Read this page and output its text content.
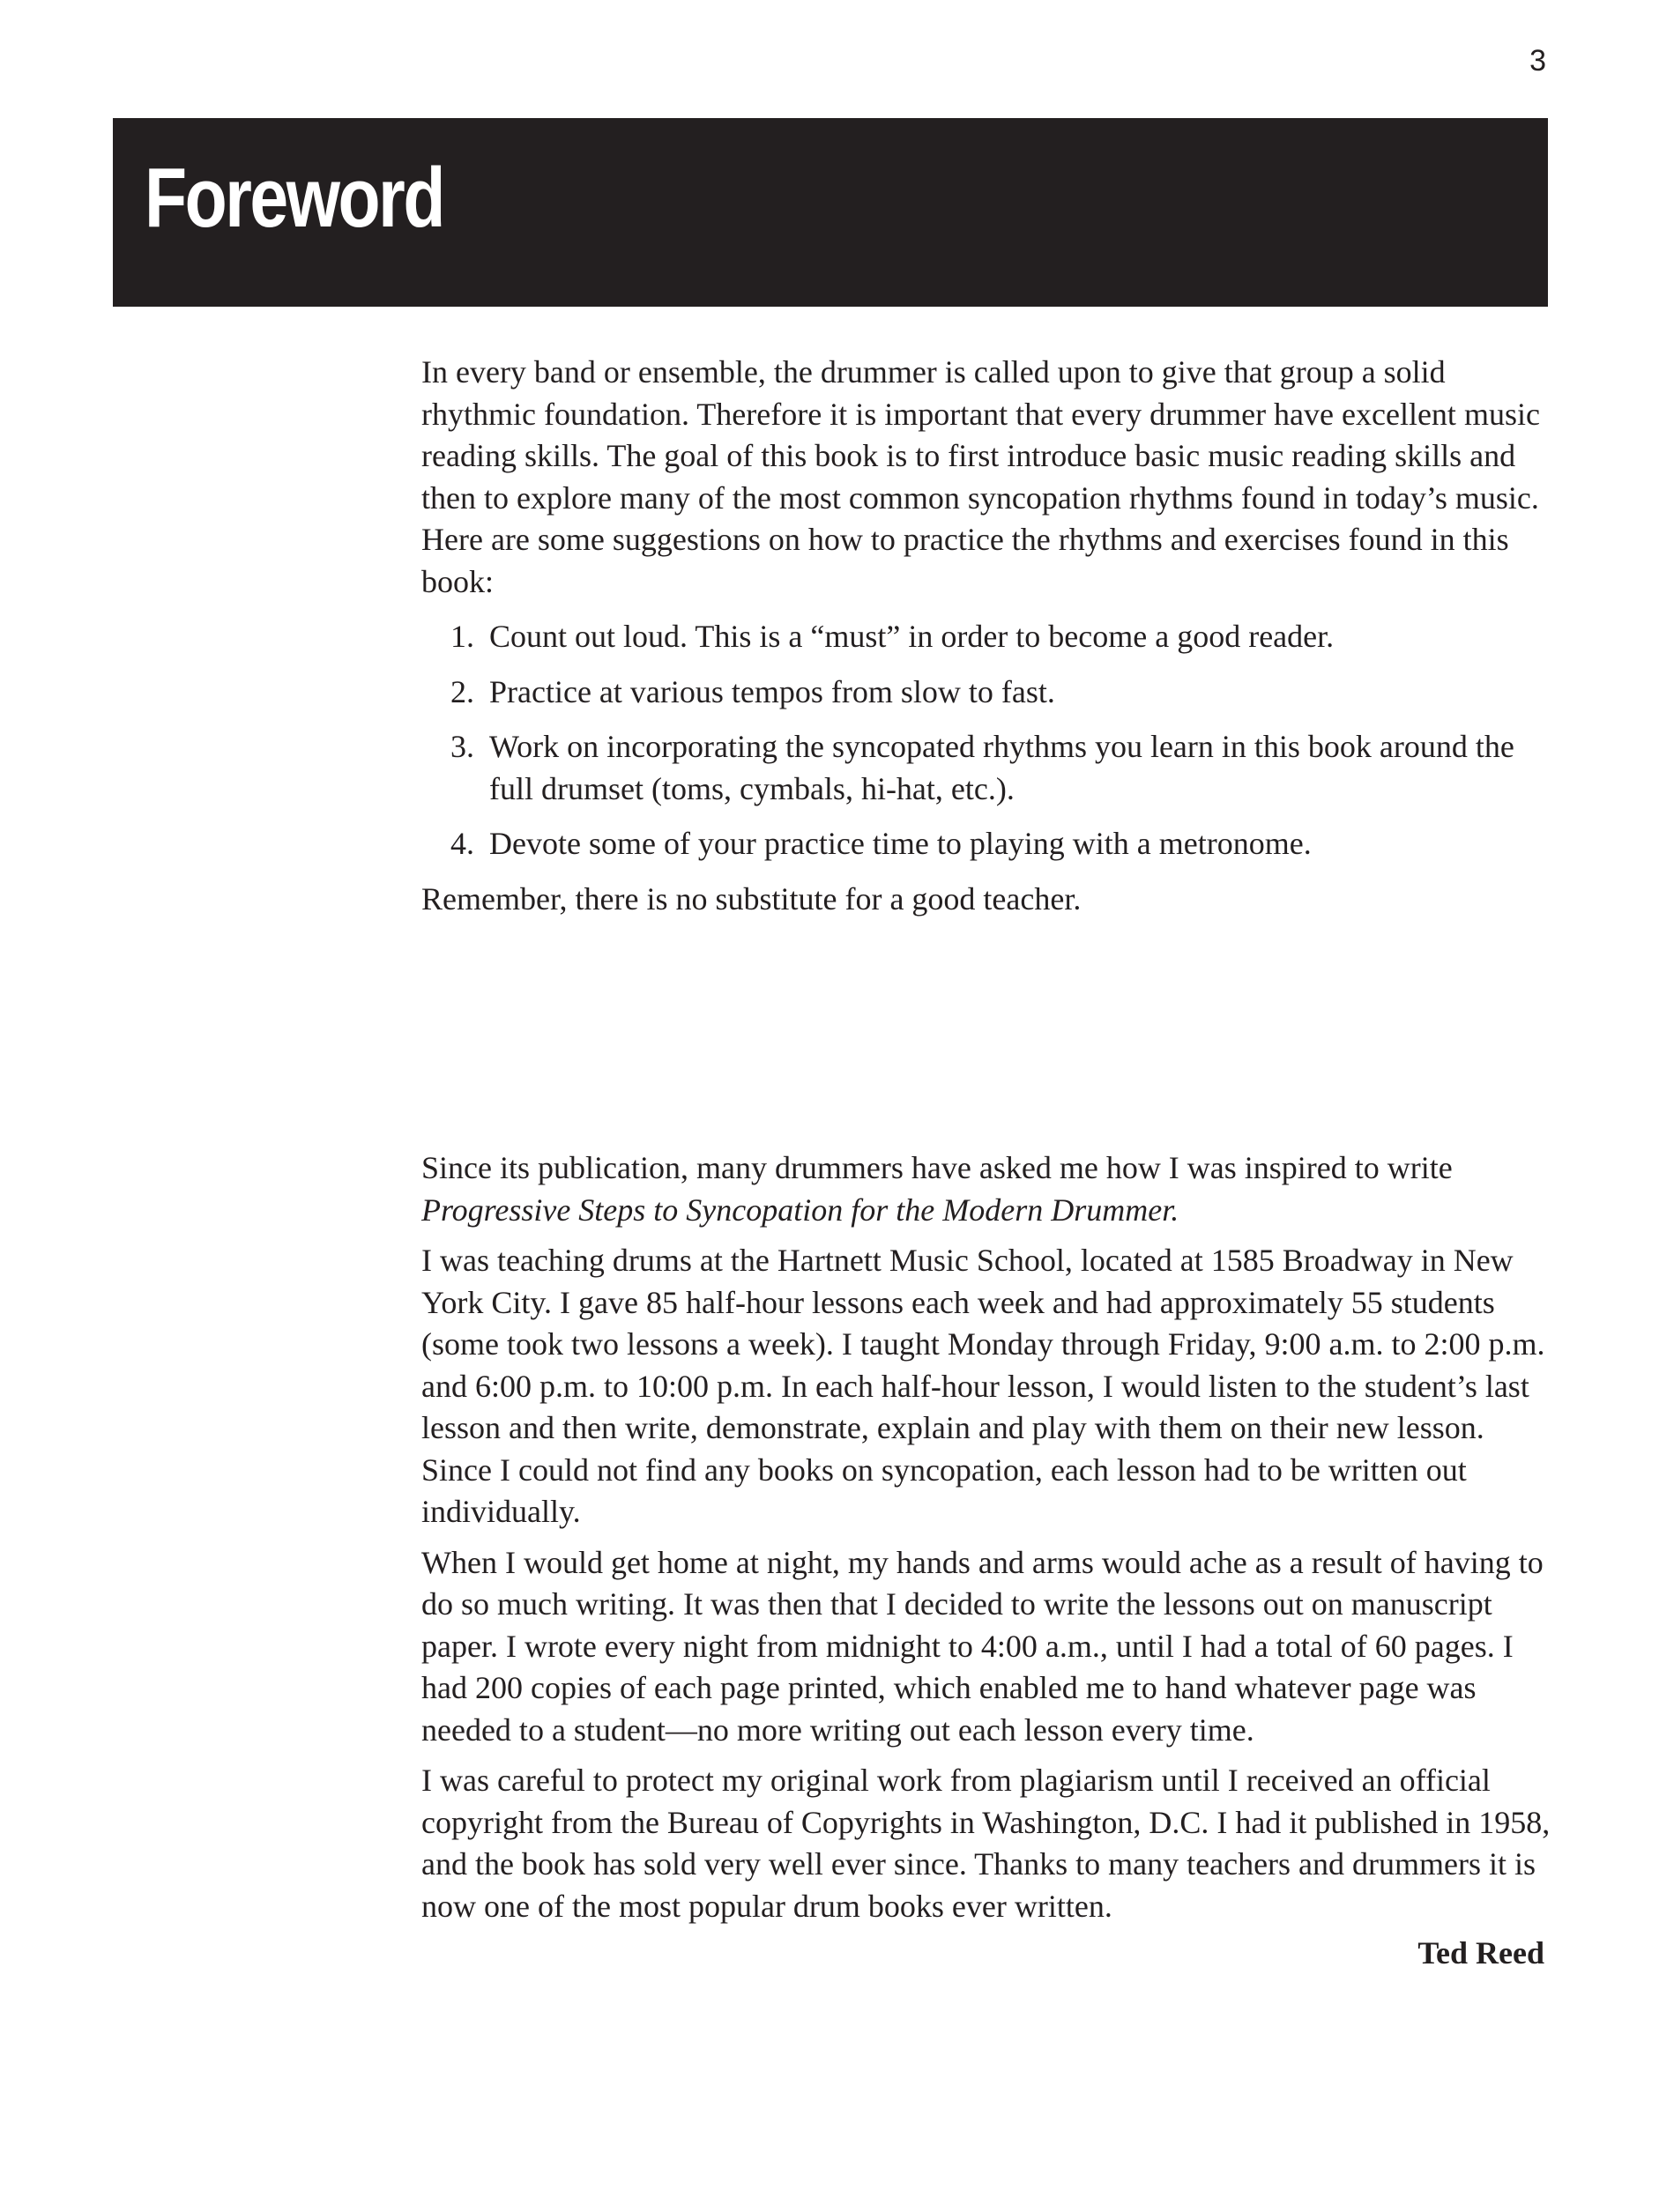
3
Foreword

In every band or ensemble, the drummer is called upon to give that group a solid rhythmic foundation. Therefore it is important that every drummer have excellent music reading skills. The goal of this book is to first introduce basic music reading skills and then to explore many of the most common syncopation rhythms found in today’s music.

Here are some suggestions on how to practice the rhythms and exercises found in this book:

1. Count out loud. This is a “must” in order to become a good reader.
2. Practice at various tempos from slow to fast.
3. Work on incorporating the syncopated rhythms you learn in this book around the full drumset (toms, cymbals, hi-hat, etc.).
4. Devote some of your practice time to playing with a metronome.

Remember, there is no substitute for a good teacher.

Since its publication, many drummers have asked me how I was inspired to write
Progressive Steps to Syncopation for the Modern Drummer.

I was teaching drums at the Hartnett Music School, located at 1585 Broadway in New York City. I gave 85 half-hour lessons each week and had approximately 55 students (some took two lessons a week). I taught Monday through Friday, 9:00 a.m. to 2:00 p.m. and 6:00 p.m. to 10:00 p.m. In each half-hour lesson, I would listen to the student’s last lesson and then write, demonstrate, explain and play with them on their new lesson. Since I could not find any books on syncopation, each lesson had to be written out individually.

When I would get home at night, my hands and arms would ache as a result of having to do so much writing. It was then that I decided to write the lessons out on manuscript paper. I wrote every night from midnight to 4:00 a.m., until I had a total of 60 pages. I had 200 copies of each page printed, which enabled me to hand whatever page was needed to a student—no more writing out each lesson every time.

I was careful to protect my original work from plagiarism until I received an official copyright from the Bureau of Copyrights in Washington, D.C. I had it published in 1958, and the book has sold very well ever since. Thanks to many teachers and drummers it is now one of the most popular drum books ever written.

Ted Reed
